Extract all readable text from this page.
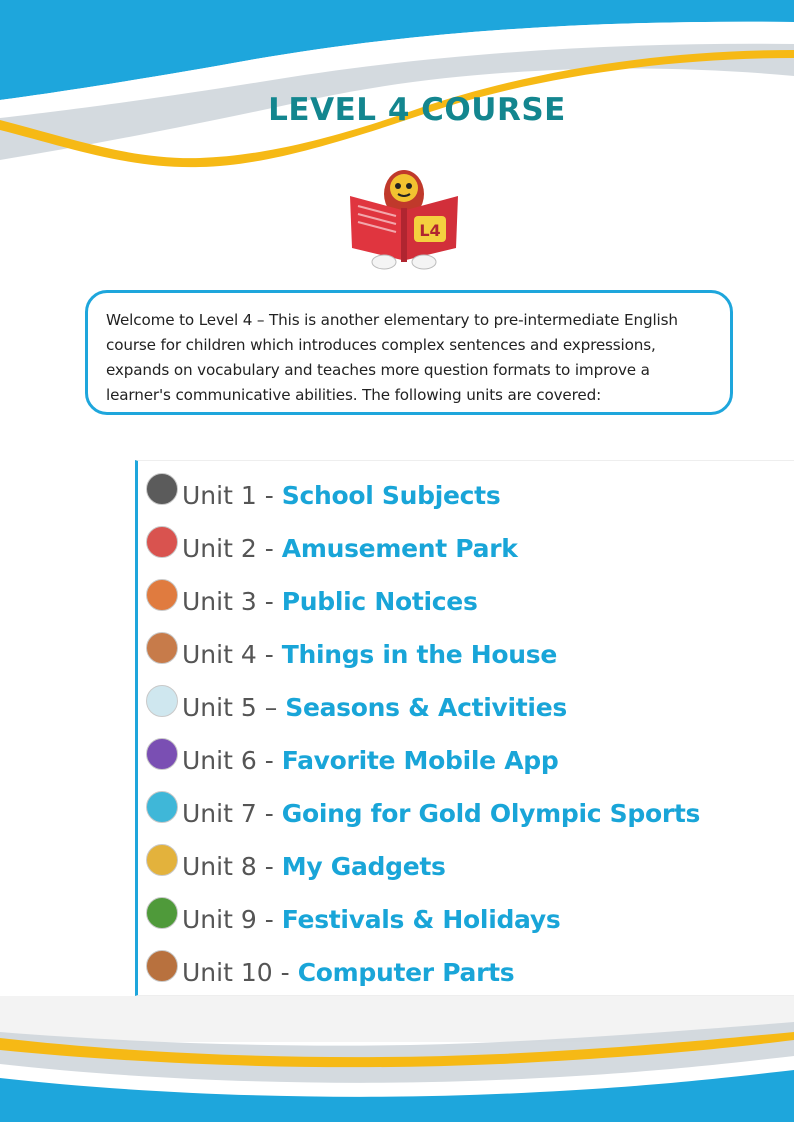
LEVEL 4 COURSE
L4
Welcome to Level 4 – This is another elementary to pre-intermediate English course for children which introduces complex sentences and expressions, expands on vocabulary and teaches more question formats to improve a learner's communicative abilities. The following units are covered:
Unit 1 - School Subjects
Unit 2 - Amusement Park
Unit 3 - Public Notices
Unit 4 - Things in the House
Unit 5 – Seasons & Activities
Unit 6 - Favorite Mobile App
Unit 7 - Going for Gold Olympic Sports
Unit 8 - My Gadgets
Unit 9 - Festivals & Holidays
Unit 10 - Computer Parts
